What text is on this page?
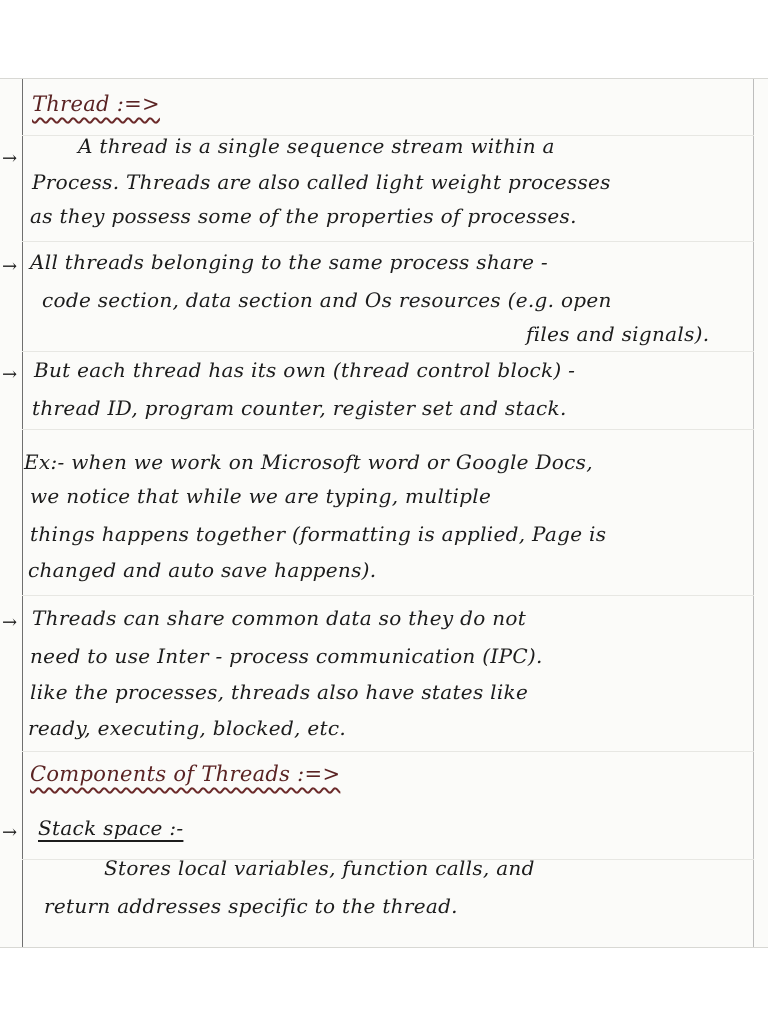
Thread :=>
→
A thread is a single sequence stream within a
Process. Threads are also called light weight processes
as they possess some of the properties of processes.
→ All threads belonging to the same process share -
code section, data section and Os resources (e.g. open
files and signals).
→ But each thread has its own (thread control block) -
thread ID, program counter, register set and stack.
Ex:- when we work on Microsoft word or Google Docs,
we notice that while we are typing, multiple
things happens together (formatting is applied, Page is
changed and auto save happens).
→ Threads can share common data so they do not
need to use Inter - process communication (IPC).
like the processes, threads also have states like
ready, executing, blocked, etc.
Components of Threads :=>
→ Stack space :-
Stores local variables, function calls, and
return addresses specific to the thread.
